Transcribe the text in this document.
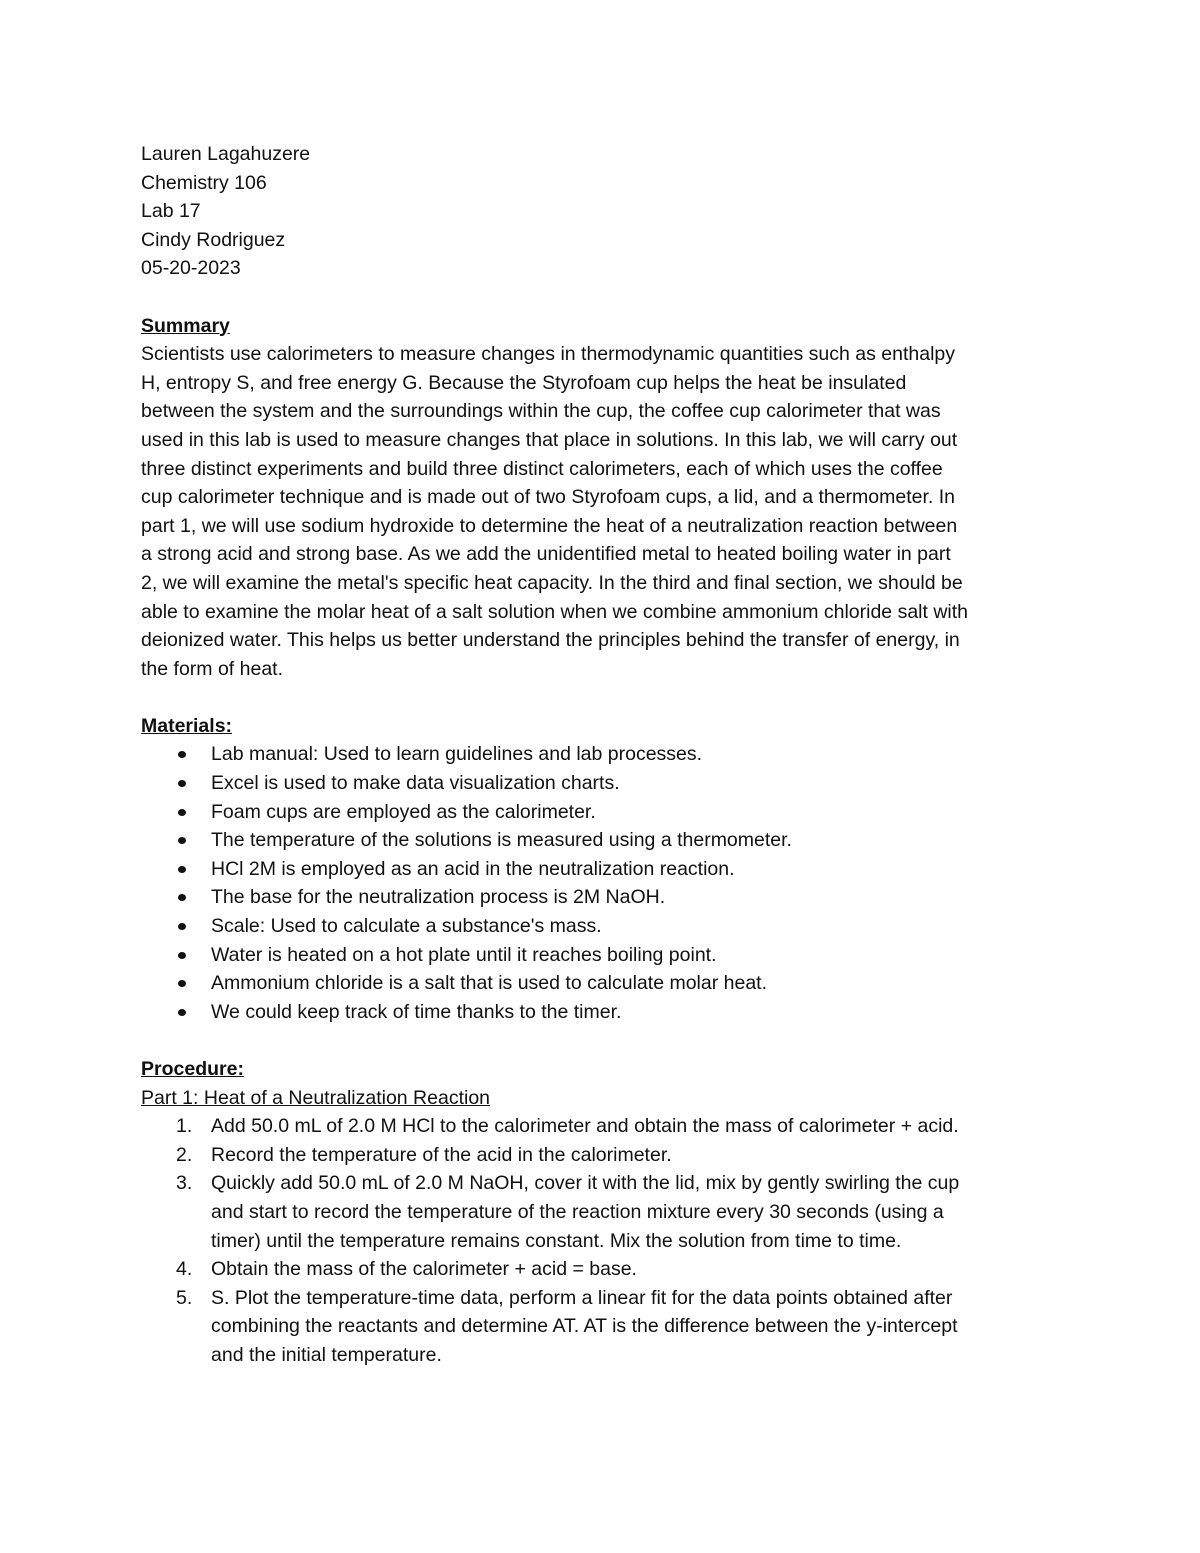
Lauren Lagahuzere
Chemistry 106
Lab 17
Cindy Rodriguez
05-20-2023
Summary
Scientists use calorimeters to measure changes in thermodynamic quantities such as enthalpy
H, entropy S, and free energy G. Because the Styrofoam cup helps the heat be insulated
between the system and the surroundings within the cup, the coffee cup calorimeter that was
used in this lab is used to measure changes that place in solutions. In this lab, we will carry out
three distinct experiments and build three distinct calorimeters, each of which uses the coffee
cup calorimeter technique and is made out of two Styrofoam cups, a lid, and a thermometer. In
part 1, we will use sodium hydroxide to determine the heat of a neutralization reaction between
a strong acid and strong base. As we add the unidentified metal to heated boiling water in part
2, we will examine the metal's specific heat capacity. In the third and final section, we should be
able to examine the molar heat of a salt solution when we combine ammonium chloride salt with
deionized water. This helps us better understand the principles behind the transfer of energy, in
the form of heat.
Materials:
Lab manual: Used to learn guidelines and lab processes.
Excel is used to make data visualization charts.
Foam cups are employed as the calorimeter.
The temperature of the solutions is measured using a thermometer.
HCl 2M is employed as an acid in the neutralization reaction.
The base for the neutralization process is 2M NaOH.
Scale: Used to calculate a substance's mass.
Water is heated on a hot plate until it reaches boiling point.
Ammonium chloride is a salt that is used to calculate molar heat.
We could keep track of time thanks to the timer.
Procedure:
Part 1: Heat of a Neutralization Reaction
1. Add 50.0 mL of 2.0 M HCl to the calorimeter and obtain the mass of calorimeter + acid.
2. Record the temperature of the acid in the calorimeter.
3. Quickly add 50.0 mL of 2.0 M NaOH, cover it with the lid, mix by gently swirling the cup
and start to record the temperature of the reaction mixture every 30 seconds (using a
timer) until the temperature remains constant. Mix the solution from time to time.
4. Obtain the mass of the calorimeter + acid = base.
5. S. Plot the temperature-time data, perform a linear fit for the data points obtained after
combining the reactants and determine AT. AT is the difference between the y-intercept
and the initial temperature.
